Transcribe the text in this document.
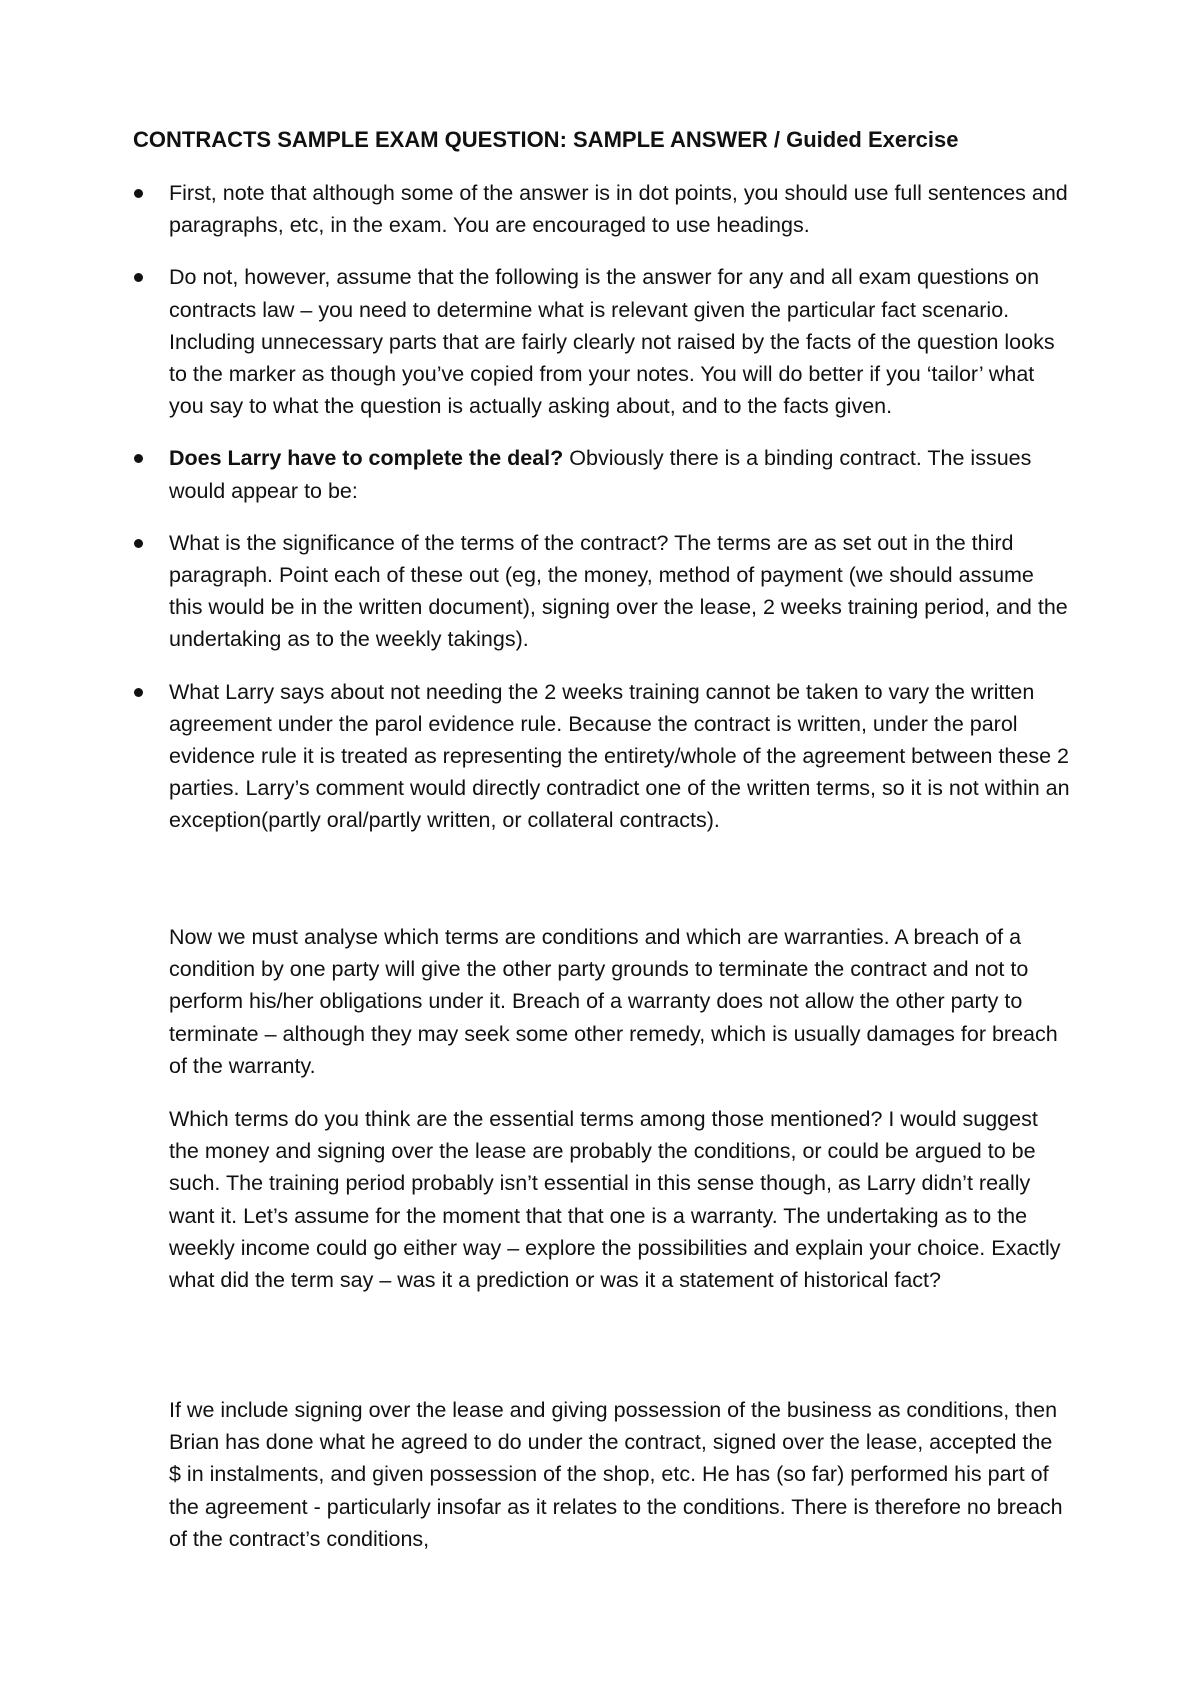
CONTRACTS SAMPLE EXAM QUESTION: SAMPLE ANSWER / Guided Exercise
First, note that although some of the answer is in dot points, you should use full sentences and paragraphs, etc, in the exam. You are encouraged to use headings.
Do not, however, assume that the following is the answer for any and all exam questions on contracts law – you need to determine what is relevant given the particular fact scenario. Including unnecessary parts that are fairly clearly not raised by the facts of the question looks to the marker as though you’ve copied from your notes. You will do better if you ‘tailor’ what you say to what the question is actually asking about, and to the facts given.
Does Larry have to complete the deal? Obviously there is a binding contract. The issues would appear to be:
What is the significance of the terms of the contract? The terms are as set out in the third paragraph. Point each of these out (eg, the money, method of payment (we should assume this would be in the written document), signing over the lease, 2 weeks training period, and the undertaking as to the weekly takings).
What Larry says about not needing the 2 weeks training cannot be taken to vary the written agreement under the parol evidence rule. Because the contract is written, under the parol evidence rule it is treated as representing the entirety/whole of the agreement between these 2 parties. Larry’s comment would directly contradict one of the written terms, so it is not within an exception(partly oral/partly written, or collateral contracts).

Now we must analyse which terms are conditions and which are warranties. A breach of a condition by one party will give the other party grounds to terminate the contract and not to perform his/her obligations under it. Breach of a warranty does not allow the other party to terminate – although they may seek some other remedy, which is usually damages for breach of the warranty.

Which terms do you think are the essential terms among those mentioned? I would suggest the money and signing over the lease are probably the conditions, or could be argued to be such. The training period probably isn’t essential in this sense though, as Larry didn’t really want it. Let’s assume for the moment that that one is a warranty. The undertaking as to the weekly income could go either way – explore the possibilities and explain your choice. Exactly what did the term say – was it a prediction or was it a statement of historical fact?

If we include signing over the lease and giving possession of the business as conditions, then Brian has done what he agreed to do under the contract, signed over the lease, accepted the $ in instalments, and given possession of the shop, etc. He has (so far) performed his part of the agreement - particularly insofar as it relates to the conditions. There is therefore no breach of the contract’s conditions,
